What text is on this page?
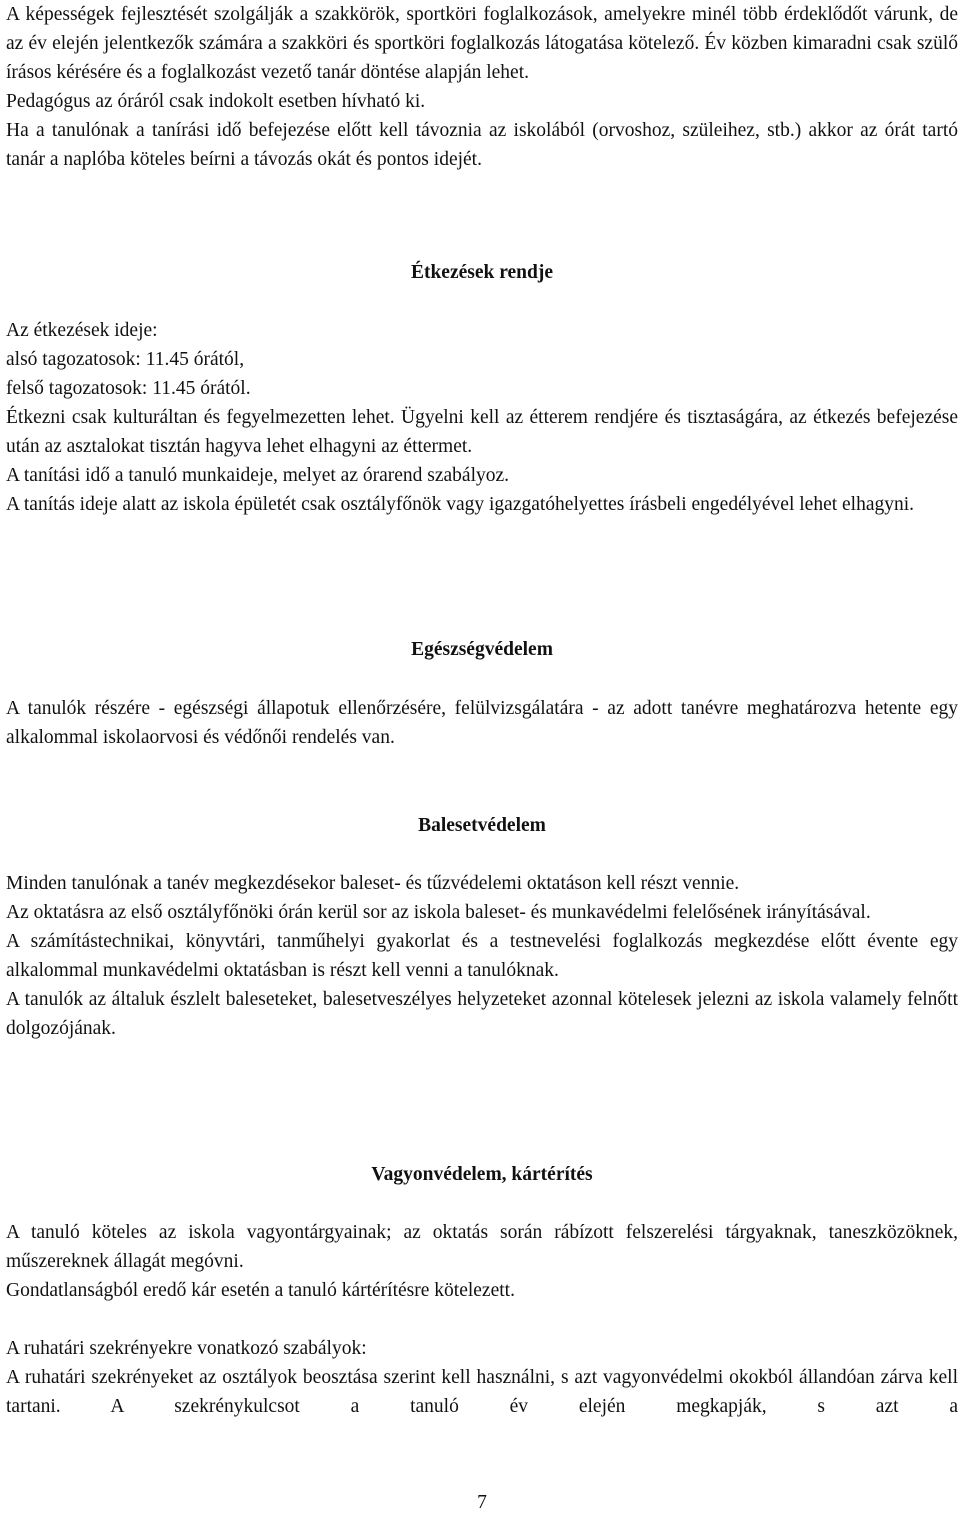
A képességek fejlesztését szolgálják a szakkörök, sportköri foglalkozások, amelyekre minél több érdeklődőt várunk, de az év elején jelentkezők számára a szakköri és sportköri foglalkozás látogatása kötelező. Év közben kimaradni csak szülő írásos kérésére és a foglalkozást vezető tanár döntése alapján lehet.

Pedagógus az óráról csak indokolt esetben hívható ki.

Ha a tanulónak a tanírási idő befejezése előtt kell távoznia az iskolából (orvoshoz, szüleihez, stb.) akkor az órát tartó tanár a naplóba köteles beírni a távozás okát és pontos idejét.

Étkezések rendje

Az étkezések ideje:

alsó tagozatosok: 11.45 órától,

felső tagozatosok: 11.45 órától.

Étkezni csak kulturáltan és fegyelmezetten lehet. Ügyelni kell az étterem rendjére és tisztaságára, az étkezés befejezése után az asztalokat tisztán hagyva lehet elhagyni az éttermet.

A tanítási idő a tanuló munkaideje, melyet az órarend szabályoz.

A tanítás ideje alatt az iskola épületét csak osztályfőnök vagy igazgatóhelyettes írásbeli engedélyével lehet elhagyni.

Egészségvédelem

A tanulók részére - egészségi állapotuk ellenőrzésére, felülvizsgálatára - az adott tanévre meghatározva hetente egy alkalommal iskolaorvosi és védőnői rendelés van.

Balesetvédelem

Minden tanulónak a tanév megkezdésekor baleset- és tűzvédelemi oktatáson kell részt vennie.

Az oktatásra az első osztályfőnöki órán kerül sor az iskola baleset- és munkavédelmi felelősének irányításával.

A számítástechnikai, könyvtári, tanműhelyi gyakorlat és a testnevelési foglalkozás megkezdése előtt évente egy alkalommal munkavédelmi oktatásban is részt kell venni a tanulóknak.

A tanulók az általuk észlelt baleseteket, balesetveszélyes helyzeteket azonnal kötelesek jelezni az iskola valamely felnőtt dolgozójának.

Vagyonvédelem, kártérítés

A tanuló köteles az iskola vagyontárgyainak; az oktatás során rábízott felszerelési tárgyaknak, taneszközöknek, műszereknek állagát megóvni.

Gondatlanságból eredő kár esetén a tanuló kártérítésre kötelezett.

A ruhatári szekrényekre vonatkozó szabályok:

A ruhatári szekrényeket az osztályok beosztása szerint kell használni, s azt vagyonvédelmi okokból állandóan zárva kell tartani. A szekrénykulcsot a tanuló év elején megkapják, s azt a

7
